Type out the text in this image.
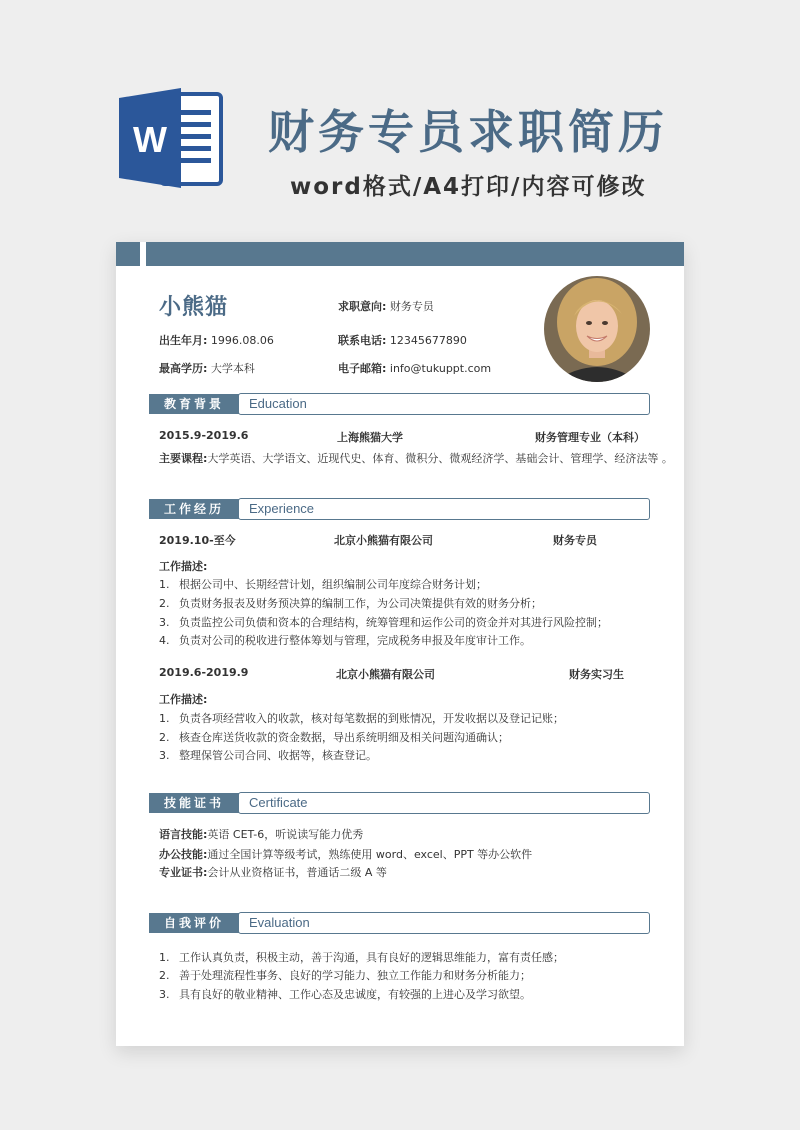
W 财务专员求职简历
word格式/A4打印/内容可修改
小熊猫	求职意向: 财务专员
出生年月: 1996.08.06	联系电话: 12345677890
最高学历: 大学本科	电子邮箱: info@tukuppt.com
Education
教育背景
2015.9-2019.6	上海熊猫大学	财务管理专业（本科）
主要课程:大学英语、大学语文、近现代史、体育、微积分、微观经济学、基础会计、管理学、经济法等 。
Experience
工作经历
2019.10-至今	北京小熊猫有限公司	财务专员
工作描述:
1. 根据公司中、长期经营计划，组织编制公司年度综合财务计划；
2. 负责财务报表及财务预决算的编制工作，为公司决策提供有效的财务分析；
3. 负责监控公司负债和资本的合理结构，统筹管理和运作公司的资金并对其进行风险控制；
4. 负责对公司的税收进行整体筹划与管理，完成税务申报及年度审计工作。
2019.6-2019.9	北京小熊猫有限公司	财务实习生
工作描述:
1. 负责各项经营收入的收款，核对每笔数据的到账情况，开发收据以及登记记账；
2. 核查仓库送货收款的资金数据，导出系统明细及相关问题沟通确认；
3. 整理保管公司合同、收据等，核查登记。
Certificate
技能证书
语言技能:英语 CET-6，听说读写能力优秀
办公技能:通过全国计算等级考试，熟练使用 word、excel、PPT 等办公软件
专业证书:会计从业资格证书，普通话二级 A 等
Evaluation
自我评价
1. 工作认真负责，积极主动，善于沟通，具有良好的逻辑思维能力，富有责任感；
2. 善于处理流程性事务、良好的学习能力、独立工作能力和财务分析能力；
3. 具有良好的敬业精神、工作心态及忠诚度，有较强的上进心及学习欲望。
